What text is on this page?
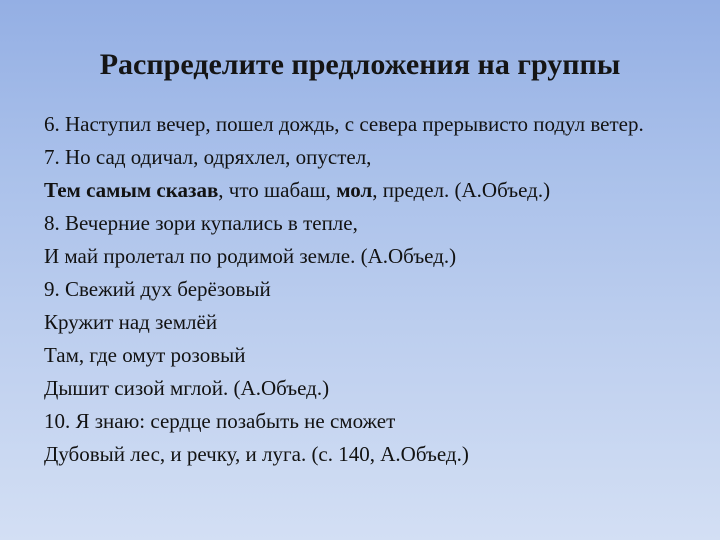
Распределите предложения на группы
6. Наступил вечер, пошел дождь, с севера прерывисто подул ветер.
7. Но сад одичал, одряхлел, опустел,
Тем самым сказав, что шабаш, мол, предел. (А.Объед.)
8. Вечерние зори купались в тепле,
И май пролетал по родимой земле. (А.Объед.)
9. Свежий дух берёзовый
Кружит над землёй
Там, где омут розовый
Дышит сизой мглой. (А.Объед.)
10. Я знаю: сердце позабыть не сможет
Дубовый лес, и речку, и луга. (с. 140, А.Объед.)
